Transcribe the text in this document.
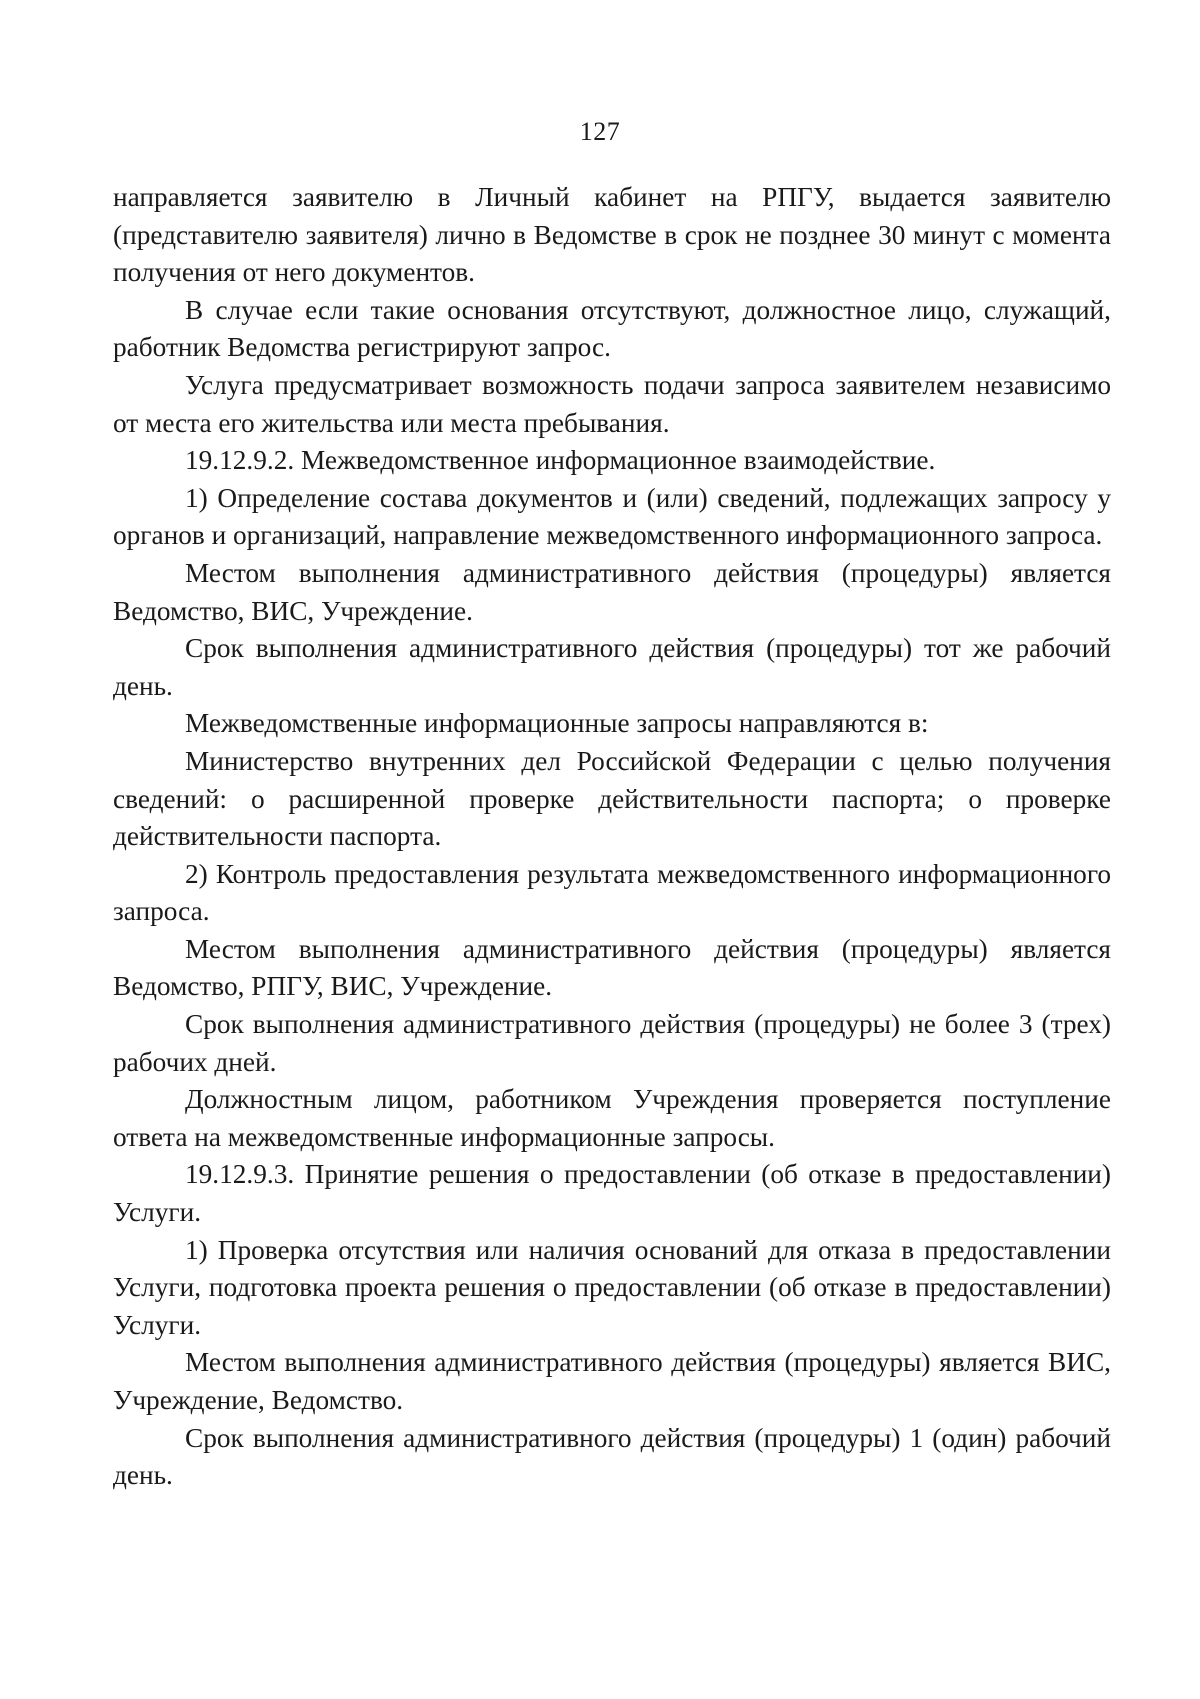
127

направляется заявителю в Личный кабинет на РПГУ, выдается заявителю (представителю заявителя) лично в Ведомстве в срок не позднее 30 минут с момента получения от него документов.

В случае если такие основания отсутствуют, должностное лицо, служащий, работник Ведомства регистрируют запрос.

Услуга предусматривает возможность подачи запроса заявителем независимо от места его жительства или места пребывания.

19.12.9.2. Межведомственное информационное взаимодействие.

1) Определение состава документов и (или) сведений, подлежащих запросу у органов и организаций, направление межведомственного информационного запроса.

Местом выполнения административного действия (процедуры) является Ведомство, ВИС, Учреждение.

Срок выполнения административного действия (процедуры) тот же рабочий день.

Межведомственные информационные запросы направляются в:

Министерство внутренних дел Российской Федерации с целью получения сведений: о расширенной проверке действительности паспорта; о проверке действительности паспорта.

2) Контроль предоставления результата межведомственного информационного запроса.

Местом выполнения административного действия (процедуры) является Ведомство, РПГУ, ВИС, Учреждение.

Срок выполнения административного действия (процедуры) не более 3 (трех) рабочих дней.

Должностным лицом, работником Учреждения проверяется поступление ответа на межведомственные информационные запросы.

19.12.9.3. Принятие решения о предоставлении (об отказе в предоставлении) Услуги.

1) Проверка отсутствия или наличия оснований для отказа в предоставлении Услуги, подготовка проекта решения о предоставлении (об отказе в предоставлении) Услуги.

Местом выполнения административного действия (процедуры) является ВИС, Учреждение, Ведомство.

Срок выполнения административного действия (процедуры) 1 (один) рабочий день.
